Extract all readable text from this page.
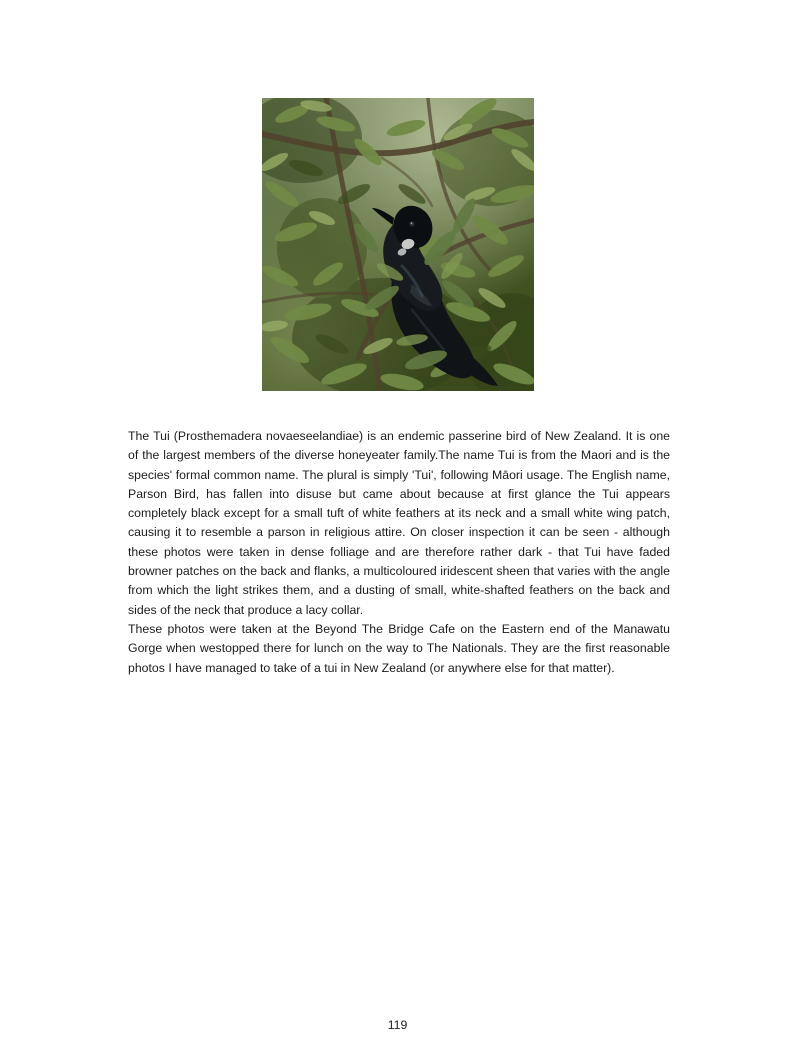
The Tui (Prosthemadera novaeseelandiae) is an endemic passerine bird of New Zealand. It is one of the largest members of the diverse honeyeater family.The name Tui is from the Maori and is the species' formal common name. The plural is simply 'Tui', following Māori usage. The English name, Parson Bird, has fallen into disuse but came about because at first glance the Tui appears completely black except for a small tuft of white feathers at its neck and a small white wing patch, causing it to resemble a parson in religious attire. On closer inspection it can be seen - although these photos were taken in dense folliage and are therefore rather dark - that Tui have faded browner patches on the back and flanks, a multicoloured iridescent sheen that varies with the angle from which the light strikes them, and a dusting of small, white-shafted feathers on the back and sides of the neck that produce a lacy collar.

These photos were taken at the Beyond The Bridge Cafe on the Eastern end of the Manawatu Gorge when westopped there for lunch on the way to The Nationals. They are the first reasonable photos I have managed to take of a tui in New Zealand (or anywhere else for that matter).

119
